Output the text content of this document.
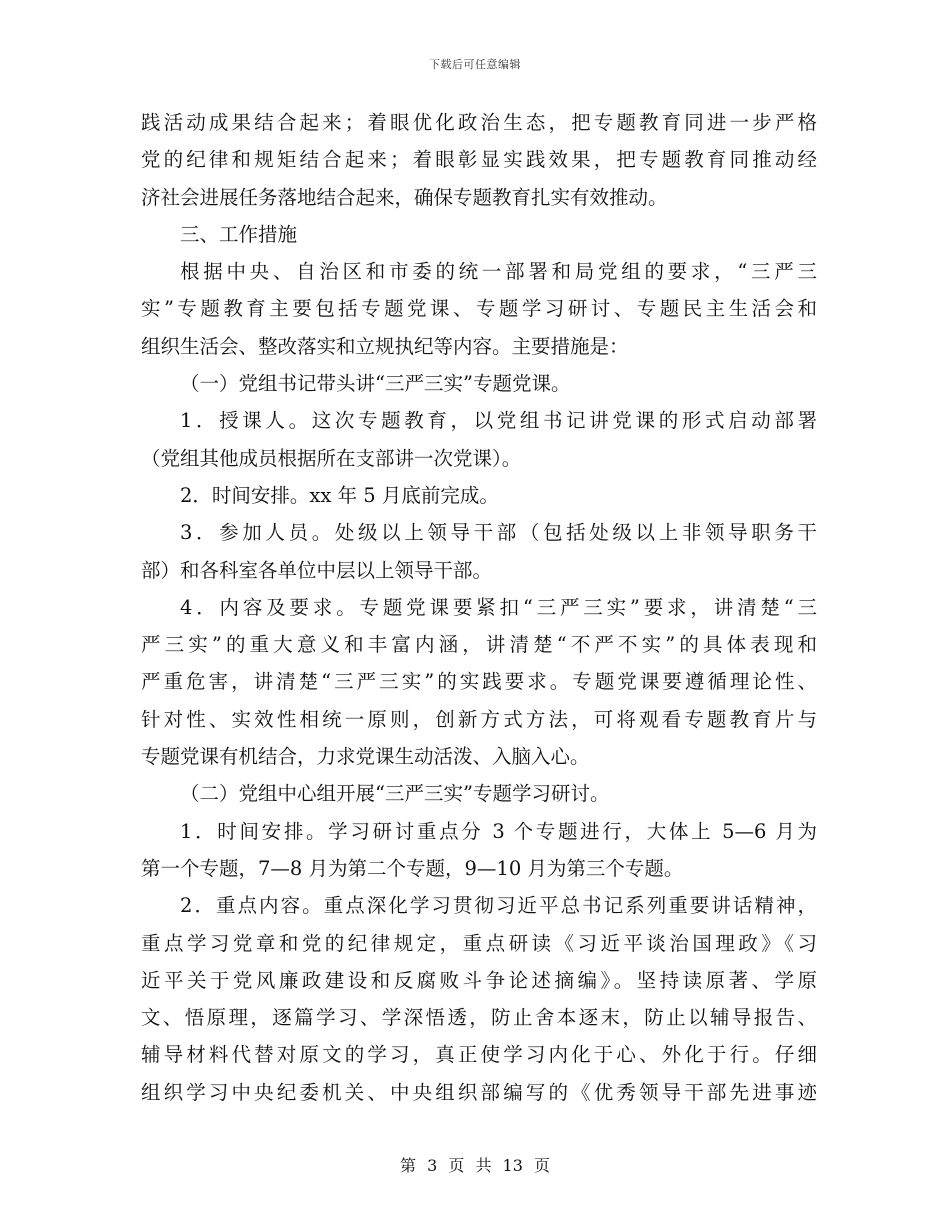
下载后可任意编辑
践活动成果结合起来；着眼优化政治生态，把专题教育同进一步严格
党的纪律和规矩结合起来；着眼彰显实践效果，把专题教育同推动经
济社会进展任务落地结合起来，确保专题教育扎实有效推动。
三、工作措施
根据中央、自治区和市委的统一部署和局党组的要求，“三严三
实”专题教育主要包括专题党课、专题学习研讨、专题民主生活会和
组织生活会、整改落实和立规执纪等内容。主要措施是：
（一）党组书记带头讲“三严三实”专题党课。
1．授课人。这次专题教育，以党组书记讲党课的形式启动部署
（党组其他成员根据所在支部讲一次党课）。
2．时间安排。xx 年 5 月底前完成。
3．参加人员。处级以上领导干部（包括处级以上非领导职务干
部）和各科室各单位中层以上领导干部。
4．内容及要求。专题党课要紧扣“三严三实”要求，讲清楚“三
严三实”的重大意义和丰富内涵，讲清楚“不严不实”的具体表现和
严重危害，讲清楚“三严三实”的实践要求。专题党课要遵循理论性、
针对性、实效性相统一原则，创新方式方法，可将观看专题教育片与
专题党课有机结合，力求党课生动活泼、入脑入心。
（二）党组中心组开展“三严三实”专题学习研讨。
1．时间安排。学习研讨重点分 3 个专题进行，大体上 5—6 月为
第一个专题，7—8 月为第二个专题，9—10 月为第三个专题。
2．重点内容。重点深化学习贯彻习近平总书记系列重要讲话精神，
重点学习党章和党的纪律规定，重点研读《习近平谈治国理政》《习
近平关于党风廉政建设和反腐败斗争论述摘编》。坚持读原著、学原
文、悟原理，逐篇学习、学深悟透，防止舍本逐末，防止以辅导报告、
辅导材料代替对原文的学习，真正使学习内化于心、外化于行。仔细
组织学习中央纪委机关、中央组织部编写的《优秀领导干部先进事迹
第 3 页 共 13 页
